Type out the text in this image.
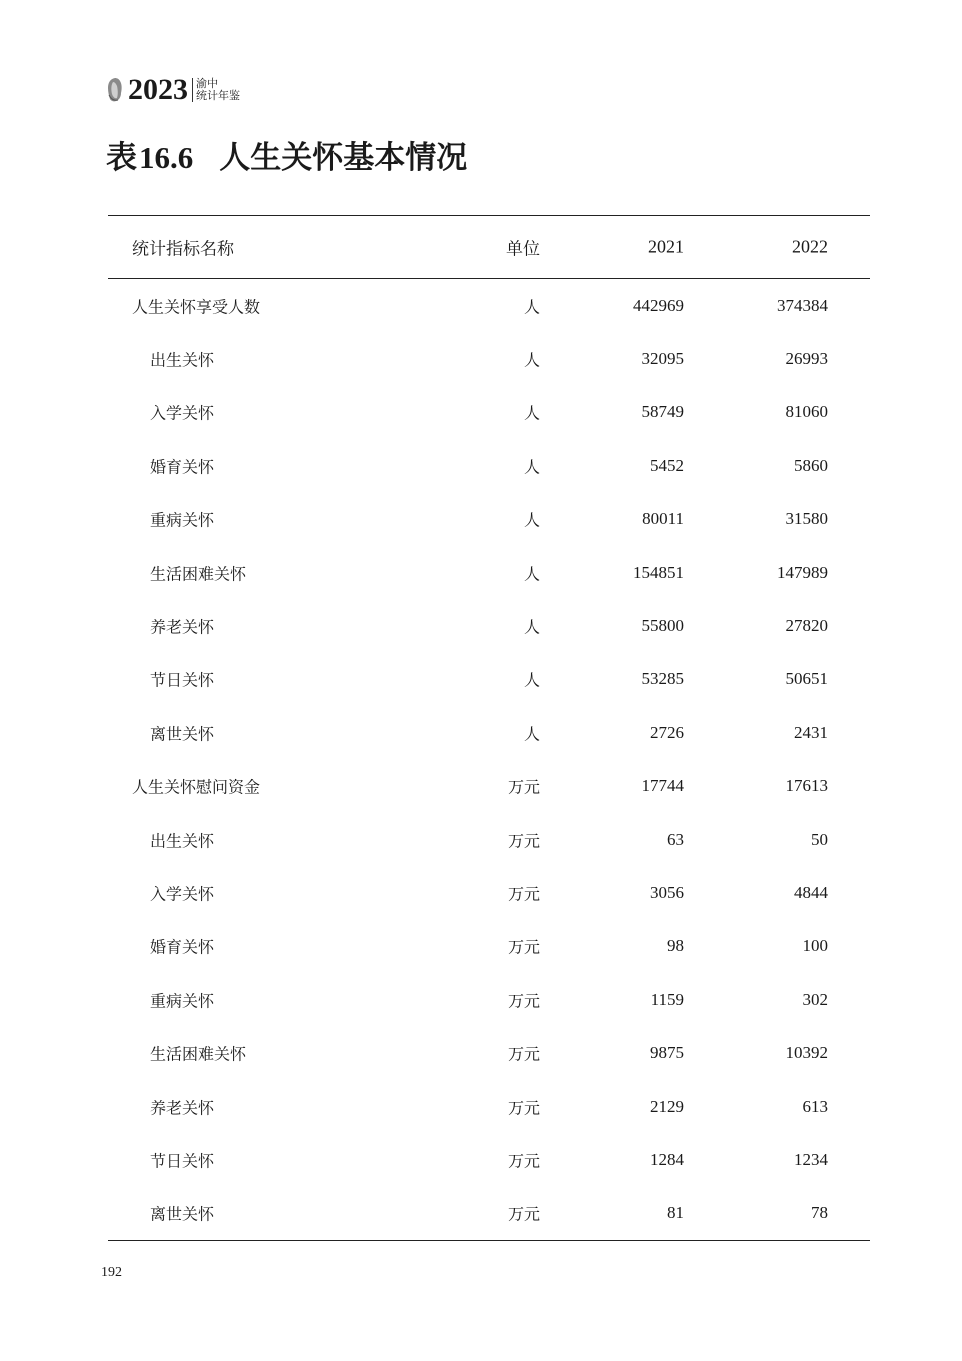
2023 渝中
统计年鉴
表16.6 人生关怀基本情况
统计指标名称	单位	2021	2022
人生关怀享受人数	人	442969	374384
出生关怀	人	32095	26993
入学关怀	人	58749	81060
婚育关怀	人	5452	5860
重病关怀	人	80011	31580
生活困难关怀	人	154851	147989
养老关怀	人	55800	27820
节日关怀	人	53285	50651
离世关怀	人	2726	2431
人生关怀慰问资金	万元	17744	17613
出生关怀	万元	63	50
入学关怀	万元	3056	4844
婚育关怀	万元	98	100
重病关怀	万元	1159	302
生活困难关怀	万元	9875	10392
养老关怀	万元	2129	613
节日关怀	万元	1284	1234
离世关怀	万元	81	78
192
